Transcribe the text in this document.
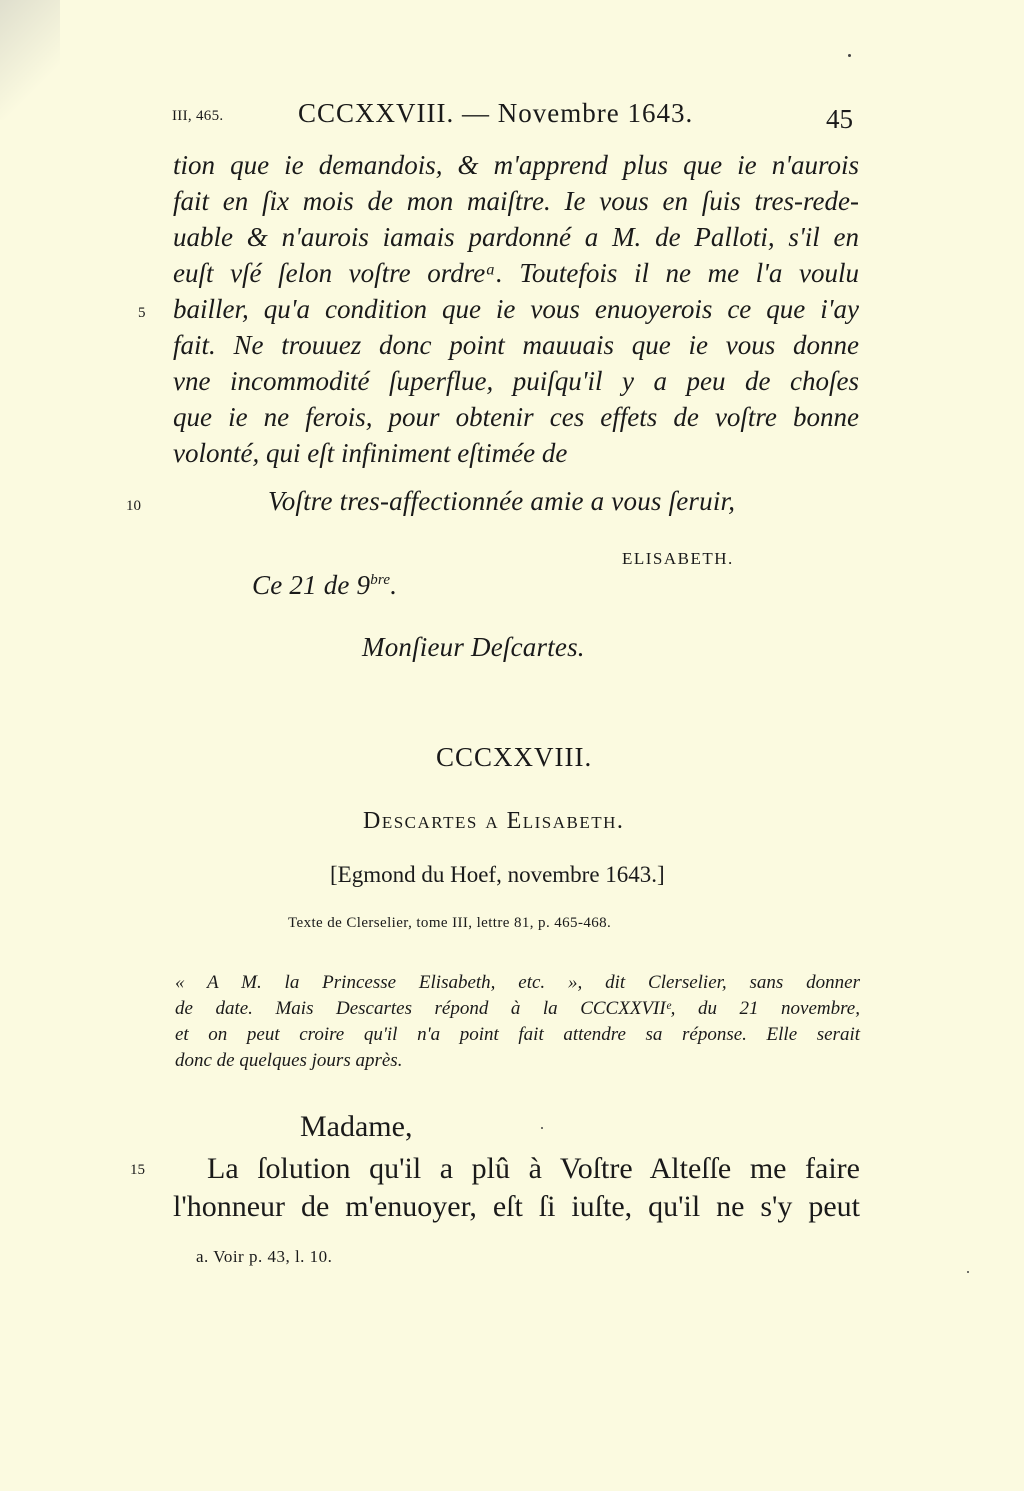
III, 465.	CCCXXVIII. — Novembre 1643.	45
tion que ie demandois, & m'apprend plus que ie n'aurois
fait en ſix mois de mon maiſtre. Ie vous en ſuis tres-rede-
uable & n'aurois iamais pardonné a M. de Palloti, s'il en
euſt vſé ſelon voſtre ordreᵃ. Toutefois il ne me l'a voulu
bailler, qu'a condition que ie vous enuoyerois ce que i'ay
fait. Ne trouuez donc point mauuais que ie vous donne
vne incommodité ſuperflue, puiſqu'il y a peu de choſes
que ie ne ferois, pour obtenir ces effets de voſtre bonne
volonté, qui eſt infiniment eſtimée de
5
10	Voſtre tres-affectionnée amie a vous ſeruir,
ELISABETH.
Ce 21 de $9^{bre}$.
Monſieur Deſcartes.
CCCXXVIII.
Descartes a Elisabeth.
[Egmond du Hoef, novembre 1643.]
Texte de Clerselier, tome III, lettre 81, p. 465-468.
« A M. la Princesse Elisabeth, etc. », dit Clerselier, sans donner
de date. Mais Descartes répond à la CCCXXVIIᵉ, du 21 novembre,
et on peut croire qu'il n'a point fait attendre sa réponse. Elle serait
donc de quelques jours après.
Madame,
15 La ſolution qu'il a plû à Voſtre Alteſſe me faire
l'honneur de m'enuoyer, eſt ſi iuſte, qu'il ne s'y peut
a. Voir p. 43, l. 10.
